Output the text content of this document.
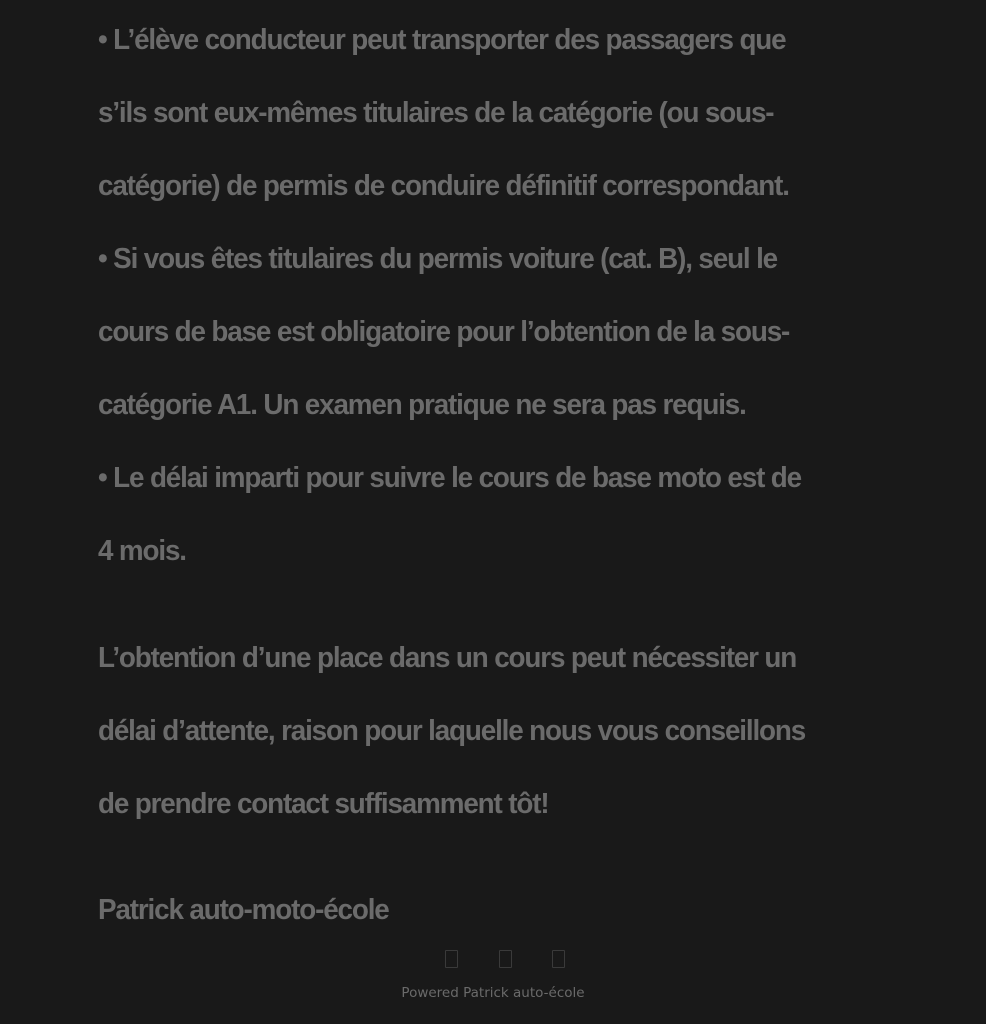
• L’élève conducteur peut transporter des passagers que
s’ils sont eux-mêmes titulaires de la catégorie (ou sous-
catégorie) de permis de conduire définitif correspondant.
• Si vous êtes titulaires du permis voiture (cat. B), seul le
cours de base est obligatoire pour l’obtention de la sous-
catégorie A1. Un examen pratique ne sera pas requis.
• Le délai imparti pour suivre le cours de base moto est de
4 mois.
L’obtention d’une place dans un cours peut nécessiter un
délai d’attente, raison pour laquelle nous vous conseillons
de prendre contact suffisamment tôt!
Patrick auto-moto-école
Powered Patrick auto-école
